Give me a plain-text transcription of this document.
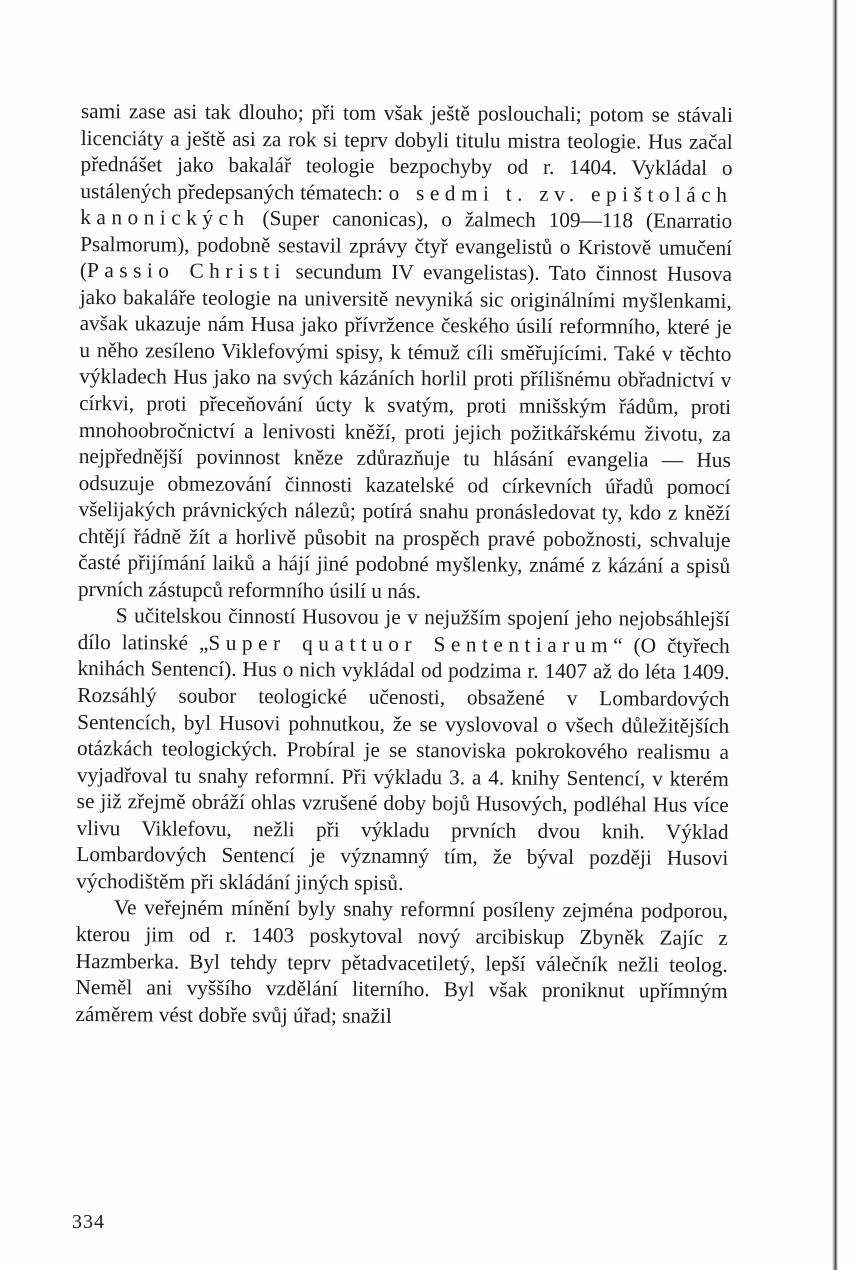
sami zase asi tak dlouho; při tom však ještě poslouchali; potom se stávali licenciáty a ještě asi za rok si teprv dobyli titulu mistra teologie. Hus začal přednášet jako bakalář teologie bezpochyby od r. 1404. Vykládal o ustálených předepsaných tématech: o sedmi t. zv. epištolách kanonických (Super canonicas), o žalmech 109—118 (Enarratio Psalmorum), podobně sestavil zprávy čtyř evangelistů o Kristově umučení (Passio Christi secundum IV evangelistas). Tato činnost Husova jako bakaláře teologie na universitě nevyniká sic originálními myšlenkami, avšak ukazuje nám Husa jako přívržence českého úsilí reformního, které je u něho zesíleno Viklefovými spisy, k témuž cíli směřujícími. Také v těchto výkladech Hus jako na svých kázáních horlil proti přílišnému obřadnictví v církvi, proti přeceňování úcty k svatým, proti mnišským řádům, proti mnohoobročnictví a lenivosti kněží, proti jejich požitkářskému životu, za nejpřednější povinnost kněze zdůrazňuje tu hlásání evangelia — Hus odsuzuje obmezování činnosti kazatelské od církevních úřadů pomocí všelijakých právnických nálezů; potírá snahu pronásledovat ty, kdo z kněží chtějí řádně žít a horlivě působit na prospěch pravé pobožnosti, schvaluje časté přijímání laiků a hájí jiné podobné myšlenky, známé z kázání a spisů prvních zástupců reformního úsilí u nás.

S učitelskou činností Husovou je v nejužším spojení jeho nejobsáhlejší dílo latinské „Super quattuor Sententiarum“ (O čtyřech knihách Sentencí). Hus o nich vykládal od podzima r. 1407 až do léta 1409. Rozsáhlý soubor teologické učenosti, obsažené v Lombardových Sentencích, byl Husovi pohnutkou, že se vyslovoval o všech důležitějších otázkách teologických. Probíral je se stanoviska pokrokového realismu a vyjadřoval tu snahy reformní. Při výkladu 3. a 4. knihy Sentencí, v kterém se již zřejmě obráží ohlas vzrušené doby bojů Husových, podléhal Hus více vlivu Viklefovu, nežli při výkladu prvních dvou knih. Výklad Lombardových Sentencí je významný tím, že býval později Husovi východištěm při skládání jiných spisů.

Ve veřejném mínění byly snahy reformní posíleny zejména podporou, kterou jim od r. 1403 poskytoval nový arcibiskup Zbyněk Zajíc z Hazmberka. Byl tehdy teprv pětadvacetiletý, lepší válečník nežli teolog. Neměl ani vyššího vzdělání literního. Byl však proniknut upřímným záměrem vést dobře svůj úřad; snažil

334
